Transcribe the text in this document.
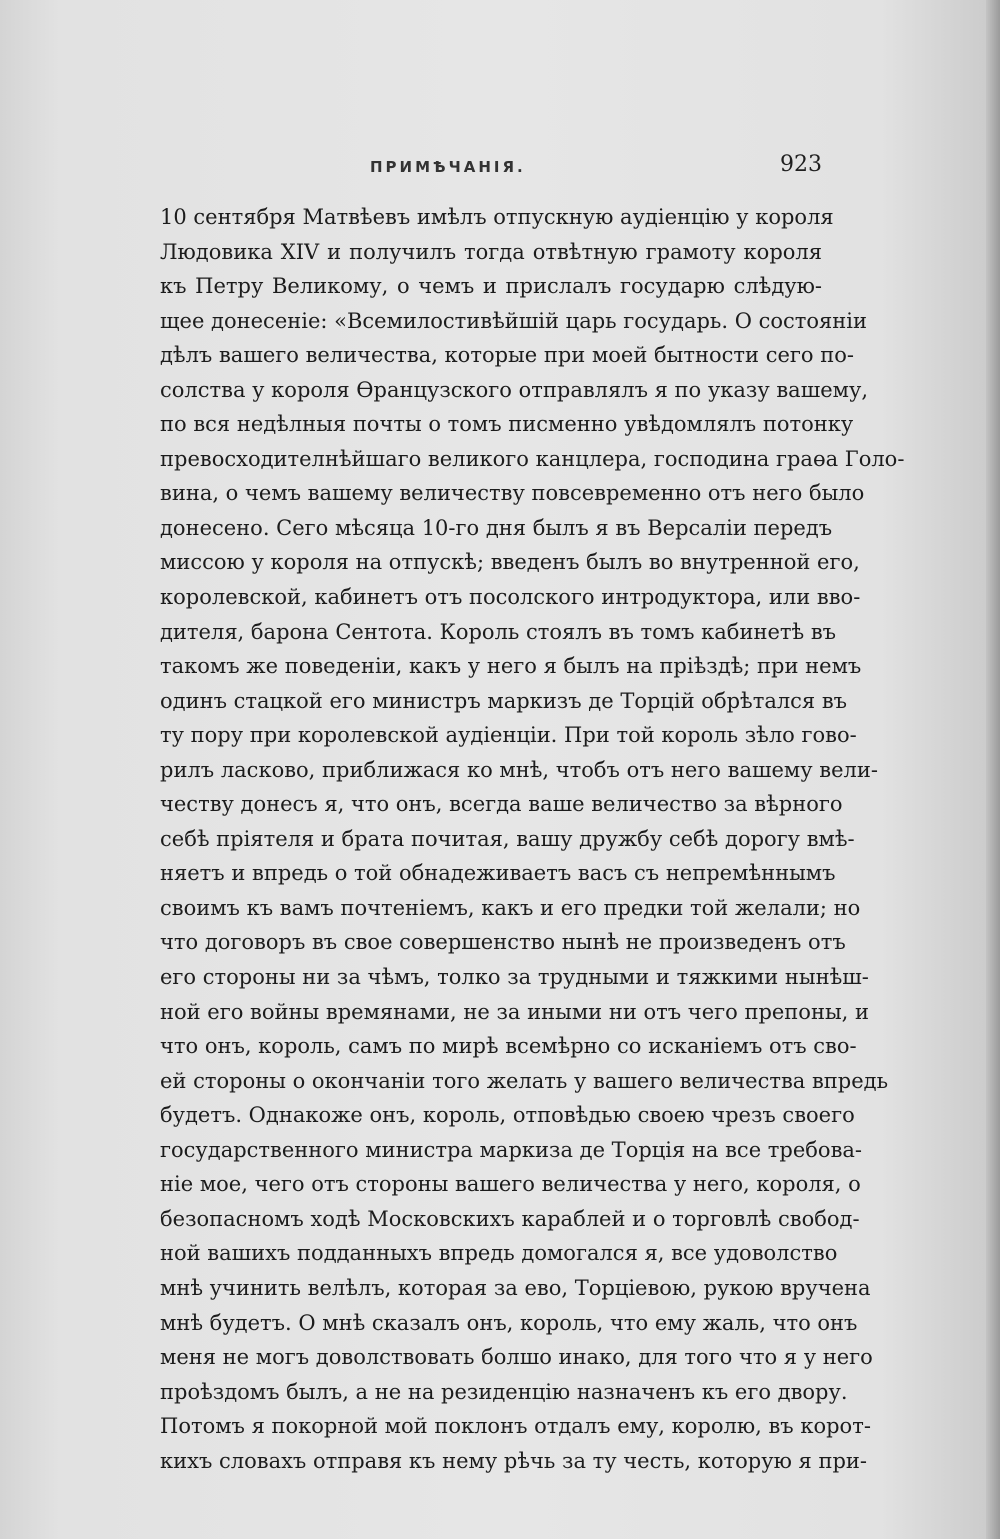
ПРИМѢЧАНІЯ.	923
10 сентября Матвѣевъ имѣлъ отпускную аудіенцію у короля
Людовика XIV и получилъ тогда отвѣтную грамоту короля
къ Петру Великому, о чемъ и прислалъ государю слѣдую-
щее донесеніе: «Всемилостивѣйшій царь государь. О состояніи
дѣлъ вашего величества, которые при моей бытности сего по-
солства у короля Өранцузского отправлялъ я по указу вашему,
по вся недѣлныя почты о томъ писменно увѣдомлялъ потонку
превосходителнѣйшаго великого канцлера, господина граөа Голо-
вина, о чемъ вашему величеству повсевременно отъ него было
донесено. Сего мѣсяца 10-го дня былъ я въ Версаліи передъ
миссою у короля на отпускѣ; введенъ былъ во внутренной его,
королевской, кабинетъ отъ посолского интродуктора, или вво-
дителя, барона Сентота. Король стоялъ въ томъ кабинетѣ въ
такомъ же поведеніи, какъ у него я былъ на пріѣздѣ; при немъ
одинъ стацкой его министръ маркизъ де Торцій обрѣтался въ
ту пору при королевской аудіенціи. При той король зѣло гово-
рилъ ласково, приближася ко мнѣ, чтобъ отъ него вашему вели-
честву донесъ я, что онъ, всегда ваше величество за вѣрного
себѣ пріятеля и брата почитая, вашу дружбу себѣ дорогу вмѣ-
няетъ и впредь о той обнадеживаетъ васъ съ непремѣннымъ
своимъ къ вамъ почтеніемъ, какъ и его предки той желали; но
что договоръ въ свое совершенство нынѣ не произведенъ отъ
его стороны ни за чѣмъ, толко за трудными и тяжкими нынѣш-
ной его войны времянами, не за иными ни отъ чего препоны, и
что онъ, король, самъ по мирѣ всемѣрно со исканіемъ отъ сво-
ей стороны о окончаніи того желать у вашего величества впредь
будетъ. Однакоже онъ, король, отповѣдью своею чрезъ своего
государственного министра маркиза де Торція на все требова-
ніе мое, чего отъ стороны вашего величества у него, короля, о
безопасномъ ходѣ Московскихъ караблей и о торговлѣ свобод-
ной вашихъ подданныхъ впредь домогался я, все удоволство
мнѣ учинить велѣлъ, которая за ево, Торціевою, рукою вручена
мнѣ будетъ. О мнѣ сказалъ онъ, король, что ему жаль, что онъ
меня не могъ доволствовать болшо инако, для того что я у него
проѣздомъ былъ, а не на резиденцію назначенъ къ его двору.
Потомъ я покорной мой поклонъ отдалъ ему, королю, въ корот-
кихъ словахъ отправя къ нему рѣчь за ту честь, которую я при-
